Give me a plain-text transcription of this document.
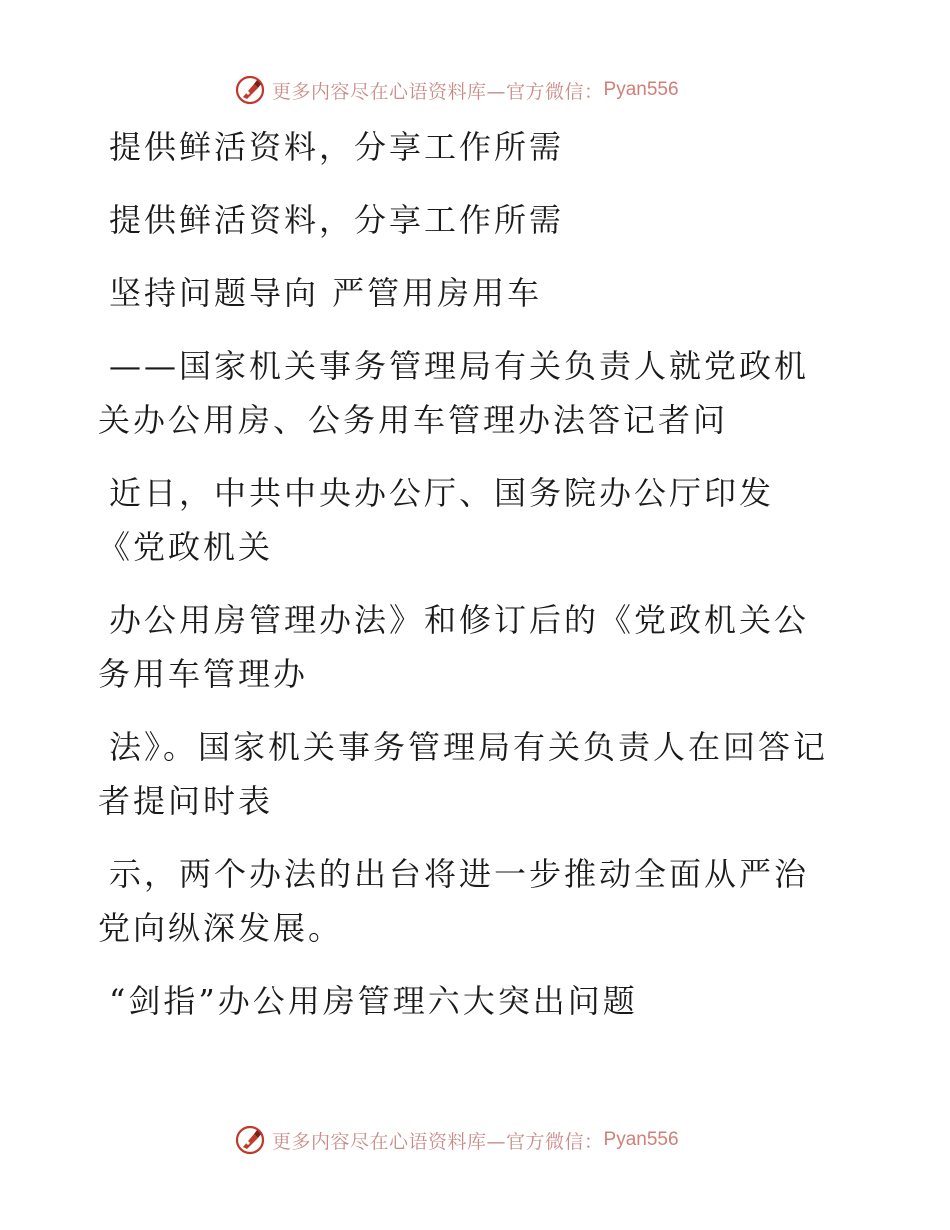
更多内容尽在心语资料库—官方微信： Pyan556

提供鲜活资料，分享工作所需

提供鲜活资料，分享工作所需

坚持问题导向 严管用房用车

——国家机关事务管理局有关负责人就党政机关办公用房、公务用车管理办法答记者问

近日，中共中央办公厅、国务院办公厅印发《党政机关

办公用房管理办法》和修订后的《党政机关公务用车管理办

法》。国家机关事务管理局有关负责人在回答记者提问时表

示，两个办法的出台将进一步推动全面从严治党向纵深发展。

“剑指”办公用房管理六大突出问题

更多内容尽在心语资料库—官方微信： Pyan556
